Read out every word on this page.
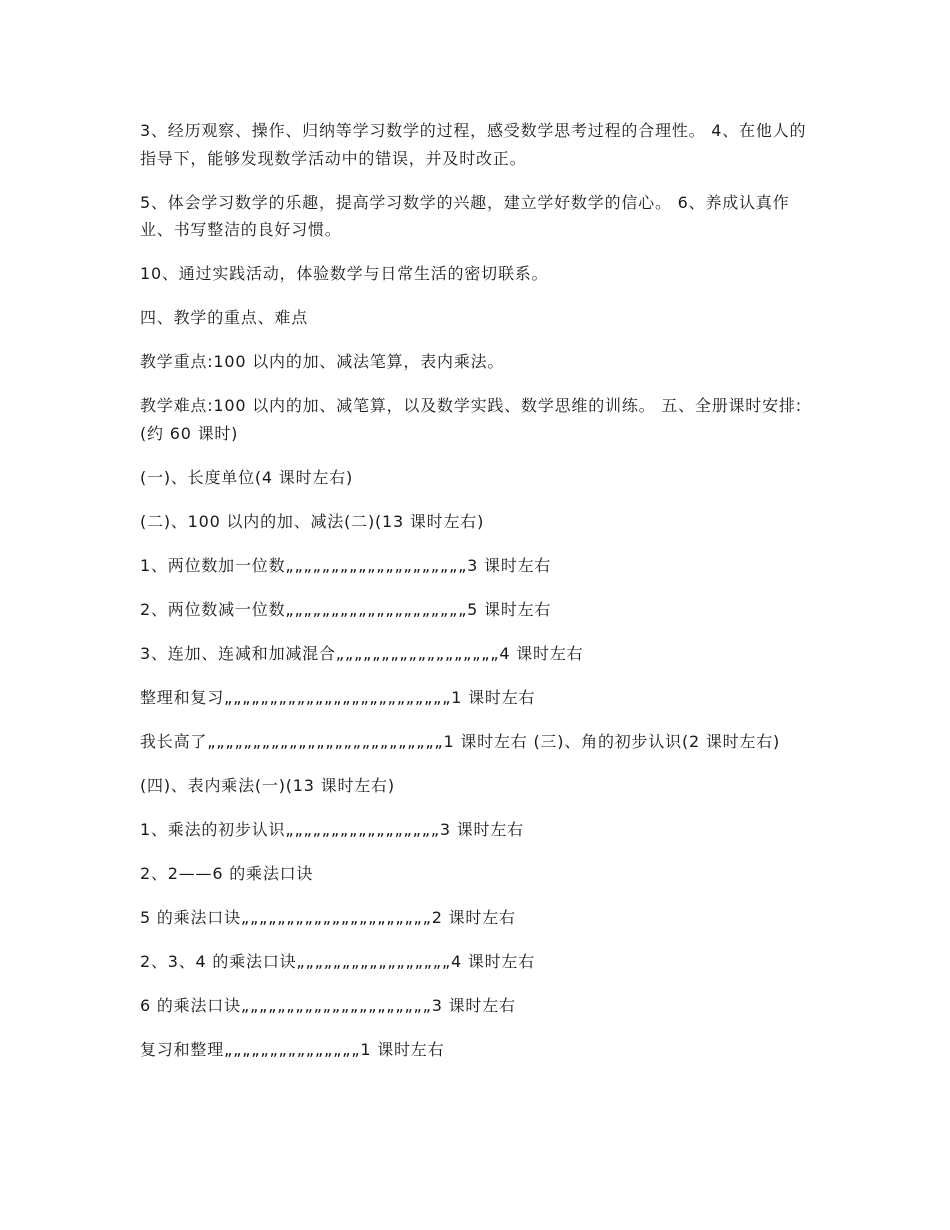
3、经历观察、操作、归纳等学习数学的过程，感受数学思考过程的合理性。 4、在他人的指导下，能够发现数学活动中的错误，并及时改正。

5、体会学习数学的乐趣，提高学习数学的兴趣，建立学好数学的信心。 6、养成认真作业、书写整洁的良好习惯。

10、通过实践活动，体验数学与日常生活的密切联系。

四、教学的重点、难点

教学重点:100 以内的加、减法笔算，表内乘法。

教学难点:100 以内的加、减笔算，以及数学实践、数学思维的训练。 五、全册课时安排:(约 60 课时)

(一)、长度单位(4 课时左右)

(二)、100 以内的加、减法(二)(13 课时左右)

1、两位数加一位数„„„„„„„„„„„„„„„„„„„„3 课时左右

2、两位数减一位数„„„„„„„„„„„„„„„„„„„„5 课时左右

3、连加、连减和加减混合„„„„„„„„„„„„„„„„„„4 课时左右

整理和复习„„„„„„„„„„„„„„„„„„„„„„„„„1 课时左右

我长高了„„„„„„„„„„„„„„„„„„„„„„„„„„1 课时左右 (三)、角的初步认识(2 课时左右)

(四)、表内乘法(一)(13 课时左右)

1、乘法的初步认识„„„„„„„„„„„„„„„„„3 课时左右

2、2——6 的乘法口诀

5 的乘法口诀„„„„„„„„„„„„„„„„„„„„„2 课时左右

2、3、4 的乘法口诀„„„„„„„„„„„„„„„„„4 课时左右

6 的乘法口诀„„„„„„„„„„„„„„„„„„„„„3 课时左右

复习和整理„„„„„„„„„„„„„„„1 课时左右
